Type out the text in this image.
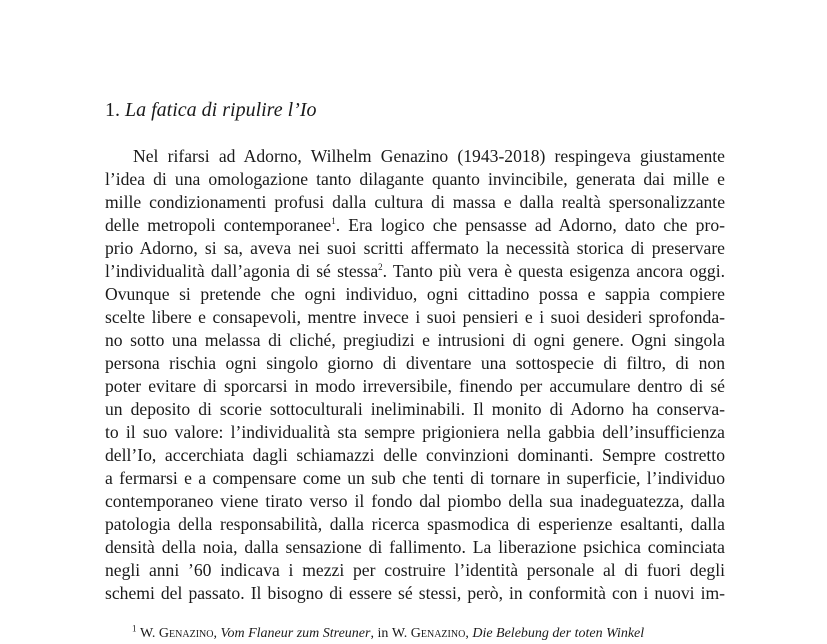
1. La fatica di ripulire l’Io
Nel rifarsi ad Adorno, Wilhelm Genazino (1943-2018) respingeva giustamente
l’idea di una omologazione tanto dilagante quanto invincibile, generata dai mille e
mille condizionamenti profusi dalla cultura di massa e dalla realtà spersonalizzante
delle metropoli contemporanee$^1$. Era logico che pensasse ad Adorno, dato che pro-
prio Adorno, si sa, aveva nei suoi scritti affermato la necessità storica di preservare
l’individualità dall’agonia di sé stessa$^2$. Tanto più vera è questa esigenza ancora oggi.
Ovunque si pretende che ogni individuo, ogni cittadino possa e sappia compiere
scelte libere e consapevoli, mentre invece i suoi pensieri e i suoi desideri sprofonda-
no sotto una melassa di cliché, pregiudizi e intrusioni di ogni genere. Ogni singola
persona rischia ogni singolo giorno di diventare una sottospecie di filtro, di non
poter evitare di sporcarsi in modo irreversibile, finendo per accumulare dentro di sé
un deposito di scorie sottoculturali ineliminabili. Il monito di Adorno ha conserva-
to il suo valore: l’individualità sta sempre prigioniera nella gabbia dell’insufficienza
dell’Io, accerchiata dagli schiamazzi delle convinzioni dominanti. Sempre costretto
a fermarsi e a compensare come un sub che tenti di tornare in superficie, l’individuo
contemporaneo viene tirato verso il fondo dal piombo della sua inadeguatezza, dalla
patologia della responsabilità, dalla ricerca spasmodica di esperienze esaltanti, dalla
densità della noia, dalla sensazione di fallimento. La liberazione psichica cominciata
negli anni ’60 indicava i mezzi per costruire l’identità personale al di fuori degli
schemi del passato. Il bisogno di essere sé stessi, però, in conformità con i nuovi im-
$^1$ W. Genazino, Vom Flaneur zum Streuner, in W. Genazino, Die Belebung der toten Winkel
